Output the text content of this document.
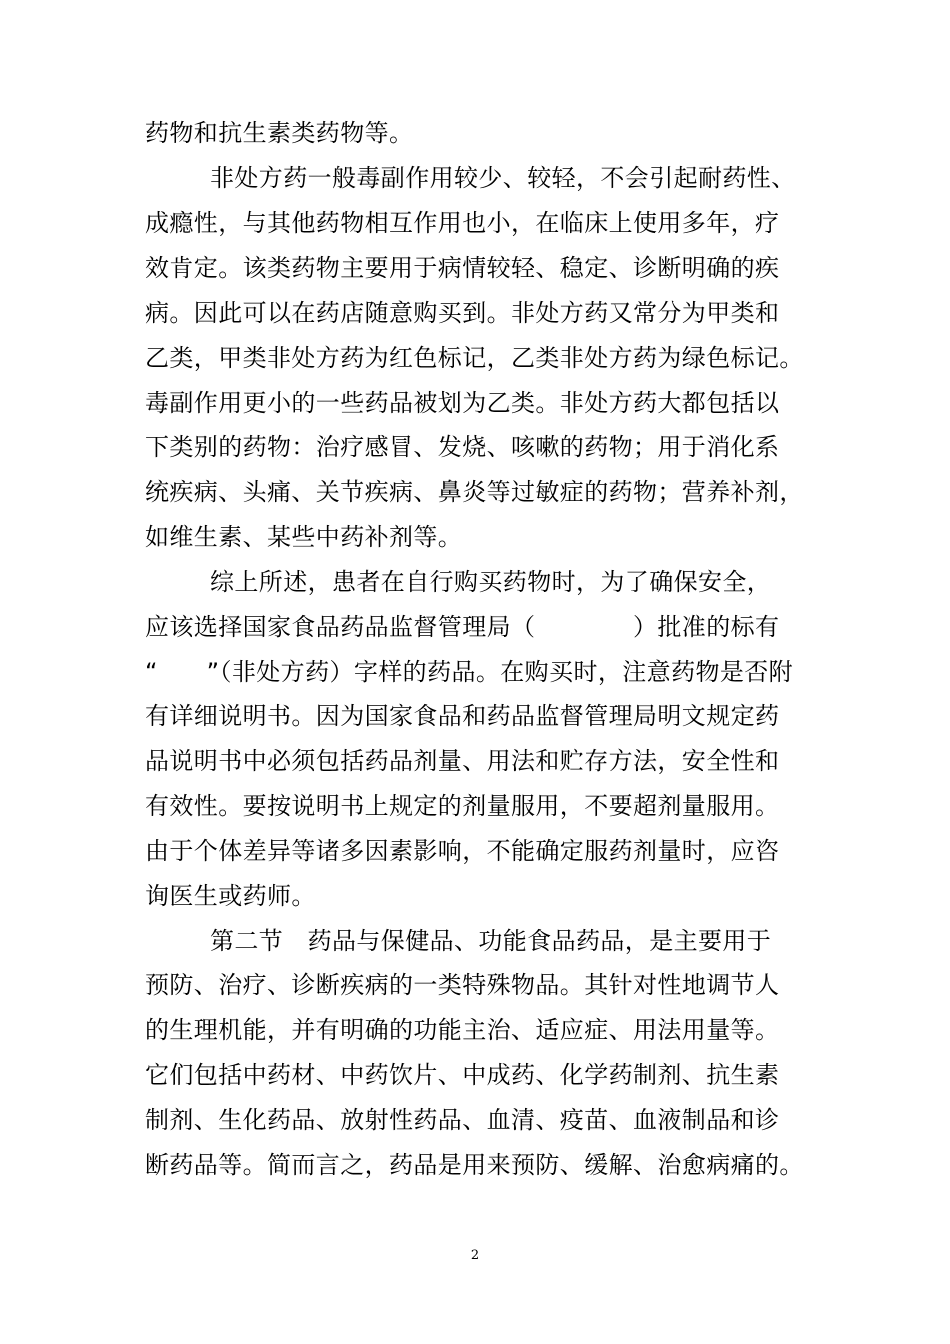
药物和抗生素类药物等。
非处方药一般毒副作用较少、较轻，不会引起耐药性、
成瘾性，与其他药物相互作用也小，在临床上使用多年，疗
效肯定。该类药物主要用于病情较轻、稳定、诊断明确的疾
病。因此可以在药店随意购买到。非处方药又常分为甲类和
乙类，甲类非处方药为红色标记，乙类非处方药为绿色标记。
毒副作用更小的一些药品被划为乙类。非处方药大都包括以
下类别的药物：治疗感冒、发烧、咳嗽的药物；用于消化系
统疾病、头痛、关节疾病、鼻炎等过敏症的药物；营养补剂，
如维生素、某些中药补剂等。
综上所述，患者在自行购买药物时，为了确保安全，
应该选择国家食品药品监督管理局（　　　　）批准的标有
“　　”（非处方药）字样的药品。在购买时，注意药物是否附
有详细说明书。因为国家食品和药品监督管理局明文规定药
品说明书中必须包括药品剂量、用法和贮存方法，安全性和
有效性。要按说明书上规定的剂量服用，不要超剂量服用。
由于个体差异等诸多因素影响，不能确定服药剂量时，应咨
询医生或药师。
第二节　药品与保健品、功能食品药品，是主要用于
预防、治疗、诊断疾病的一类特殊物品。其针对性地调节人
的生理机能，并有明确的功能主治、适应症、用法用量等。
它们包括中药材、中药饮片、中成药、化学药制剂、抗生素
制剂、生化药品、放射性药品、血清、疫苗、血液制品和诊
断药品等。简而言之，药品是用来预防、缓解、治愈病痛的。
2
